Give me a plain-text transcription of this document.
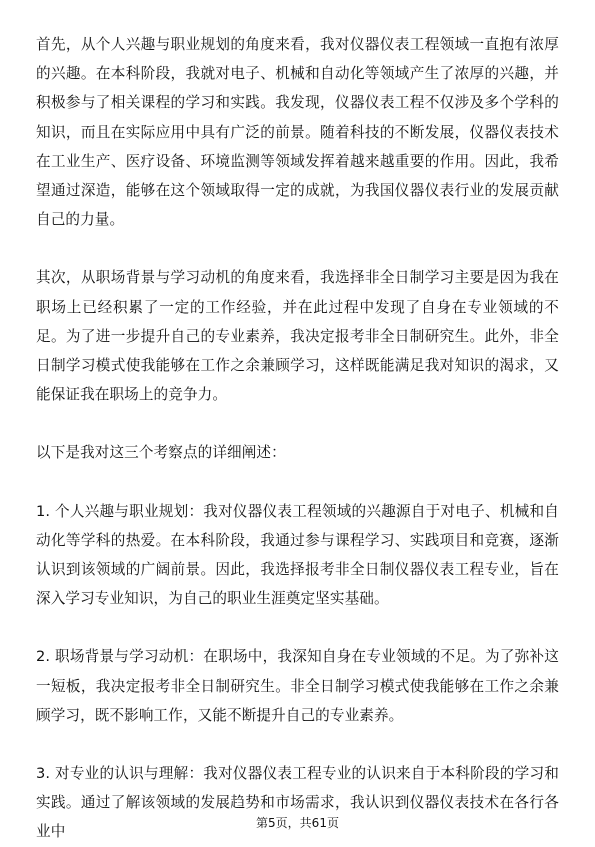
首先，从个人兴趣与职业规划的角度来看，我对仪器仪表工程领域一直抱有浓厚的兴趣。在本科阶段，我就对电子、机械和自动化等领域产生了浓厚的兴趣，并积极参与了相关课程的学习和实践。我发现，仪器仪表工程不仅涉及多个学科的知识，而且在实际应用中具有广泛的前景。随着科技的不断发展，仪器仪表技术在工业生产、医疗设备、环境监测等领域发挥着越来越重要的作用。因此，我希望通过深造，能够在这个领域取得一定的成就，为我国仪器仪表行业的发展贡献自己的力量。

其次，从职场背景与学习动机的角度来看，我选择非全日制学习主要是因为我在职场上已经积累了一定的工作经验，并在此过程中发现了自身在专业领域的不足。为了进一步提升自己的专业素养，我决定报考非全日制研究生。此外，非全日制学习模式使我能够在工作之余兼顾学习，这样既能满足我对知识的渴求，又能保证我在职场上的竞争力。

以下是我对这三个考察点的详细阐述：

1. 个人兴趣与职业规划：我对仪器仪表工程领域的兴趣源自于对电子、机械和自动化等学科的热爱。在本科阶段，我通过参与课程学习、实践项目和竞赛，逐渐认识到该领域的广阔前景。因此，我选择报考非全日制仪器仪表工程专业，旨在深入学习专业知识，为自己的职业生涯奠定坚实基础。

2. 职场背景与学习动机：在职场中，我深知自身在专业领域的不足。为了弥补这一短板，我决定报考非全日制研究生。非全日制学习模式使我能够在工作之余兼顾学习，既不影响工作，又能不断提升自己的专业素养。

3. 对专业的认识与理解：我对仪器仪表工程专业的认识来自于本科阶段的学习和实践。通过了解该领域的发展趋势和市场需求，我认识到仪器仪表技术在各行各业中

第5页，共61页
